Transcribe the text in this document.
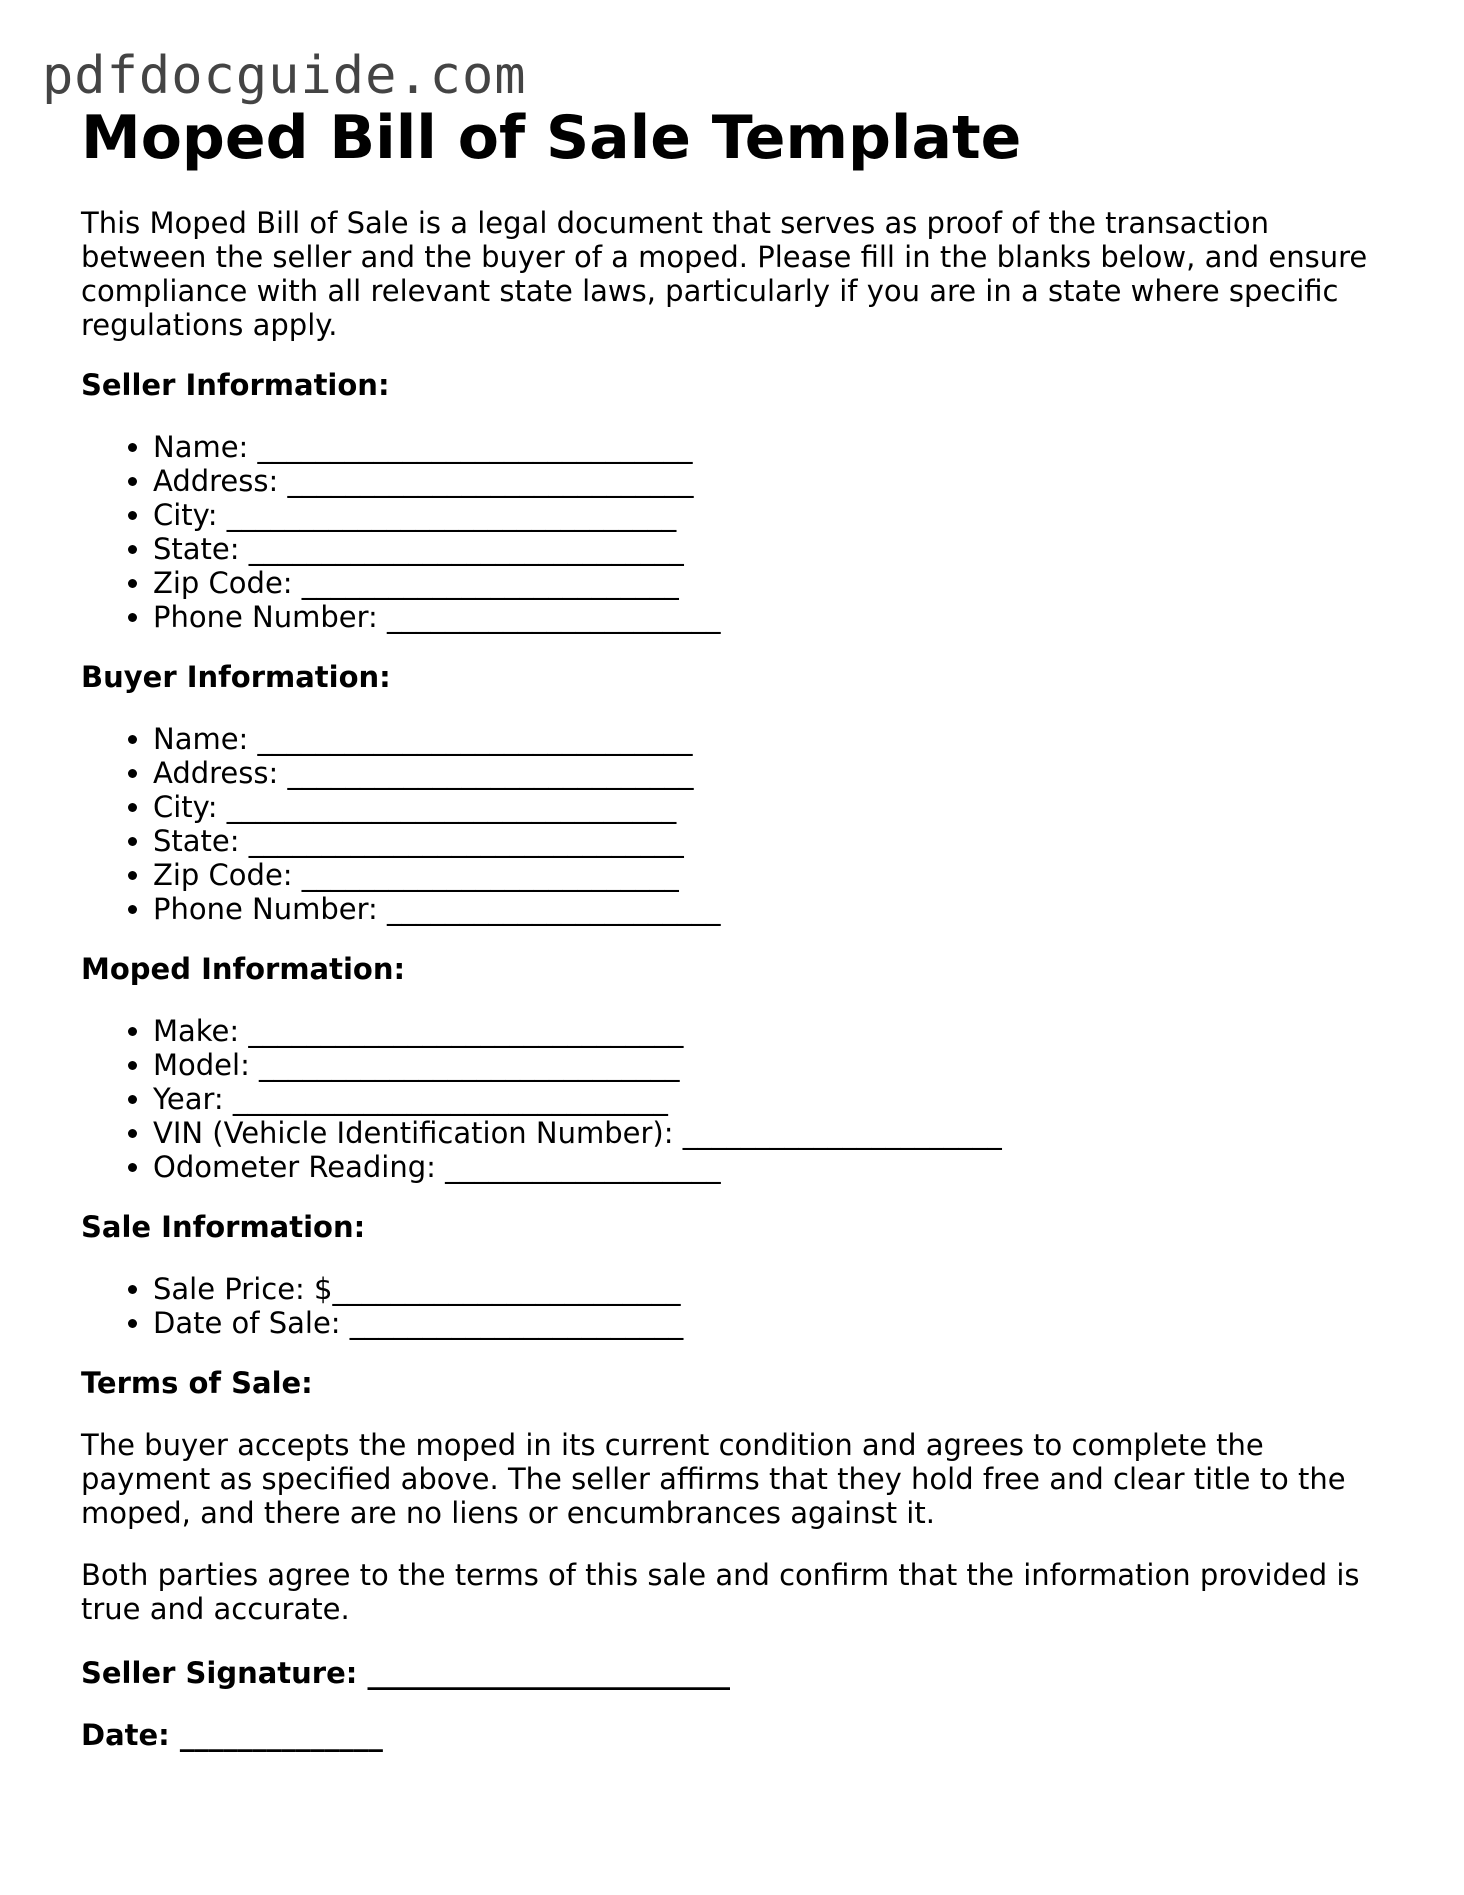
pdfdocguide.com
Moped Bill of Sale Template

This Moped Bill of Sale is a legal document that serves as proof of the transaction between the seller and the buyer of a moped. Please fill in the blanks below, and ensure compliance with all relevant state laws, particularly if you are in a state where specific regulations apply.

Seller Information:
• Name: ______________________________
• Address: ____________________________
• City: _______________________________
• State: ______________________________
• Zip Code: __________________________
• Phone Number: _______________________
Buyer Information:
• Name: ______________________________
• Address: ____________________________
• City: _______________________________
• State: ______________________________
• Zip Code: __________________________
• Phone Number: _______________________
Moped Information:
• Make: ______________________________
• Model: _____________________________
• Year: ______________________________
• VIN (Vehicle Identification Number): ______________________
• Odometer Reading: ___________________
Sale Information:
• Sale Price: $________________________
• Date of Sale: _______________________
Terms of Sale:

The buyer accepts the moped in its current condition and agrees to complete the payment as specified above. The seller affirms that they hold free and clear title to the moped, and there are no liens or encumbrances against it.

Both parties agree to the terms of this sale and confirm that the information provided is true and accurate.

Seller Signature: _________________________
Date: ______________
